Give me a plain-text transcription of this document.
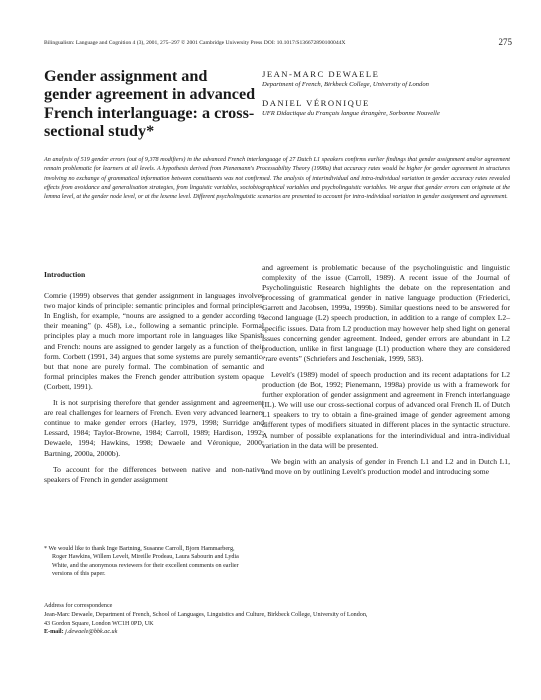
Bilingualism: Language and Cognition 4 (3), 2001, 275–297 © 2001 Cambridge University Press DOI: 10.1017/S136672890100044X	275
Gender assignment and gender agreement in advanced French interlanguage: a cross-sectional study*
JEAN-MARC DEWAELE
Department of French, Birkbeck College, University of London
DANIEL VÉRONIQUE
UFR Didactique du Français langue étrangère, Sorbonne Nouvelle

An analysis of 519 gender errors (out of 9,378 modifiers) in the advanced French interlanguage of 27 Dutch L1 speakers confirms earlier findings that gender assignment and/or agreement remain problematic for learners at all levels. A hypothesis derived from Pienemann's Processability Theory (1998a) that accuracy rates would be higher for gender agreement in structures involving no exchange of grammatical information between constituents was not confirmed. The analysis of interindividual and intra-individual variation in gender accuracy rates revealed effects from avoidance and generalisation strategies, from linguistic variables, sociobiographical variables and psycholinguistic variables. We argue that gender errors can originate at the lemma level, at the gender node level, or at the lexeme level. Different psycholinguistic scenarios are presented to account for intra-individual variation in gender assignment and agreement.

Introduction

Comrie (1999) observes that gender assignment in languages involves two major kinds of principle: semantic principles and formal principles. In English, for example, “nouns are assigned to a gender according to their meaning” (p. 458), i.e., following a semantic principle. Formal principles play a much more important role in languages like Spanish and French: nouns are assigned to gender largely as a function of their form. Corbett (1991, 34) argues that some systems are purely semantic, but that none are purely formal. The combination of semantic and formal principles makes the French gender attribution system opaque (Corbett, 1991).

It is not surprising therefore that gender assignment and agreement are real challenges for learners of French. Even very advanced learners continue to make gender errors (Harley, 1979, 1998; Surridge and Lessard, 1984; Taylor-Browne, 1984; Carroll, 1989; Hardison, 1992; Dewaele, 1994; Hawkins, 1998; Dewaele and Véronique, 2000; Bartning, 2000a, 2000b).

To account for the differences between native and non-native speakers of French in gender assignment

and agreement is problematic because of the psycholinguistic and linguistic complexity of the issue (Carroll, 1989). A recent issue of the Journal of Psycholinguistic Research highlights the debate on the representation and processing of grammatical gender in native language production (Friederici, Garrett and Jacobsen, 1999a, 1999b). Similar questions need to be answered for second language (L2) speech production, in addition to a range of complex L2–specific issues. Data from L2 production may however help shed light on general issues concerning gender agreement. Indeed, gender errors are abundant in L2 production, unlike in first language (L1) production where they are considered “rare events” (Schriefers and Jescheniak, 1999, 583).

Levelt's (1989) model of speech production and its recent adaptations for L2 production (de Bot, 1992; Pienemann, 1998a) provide us with a framework for further exploration of gender assignment and agreement in French interlanguage (IL). We will use our cross-sectional corpus of advanced oral French IL of Dutch L1 speakers to try to obtain a fine-grained image of gender agreement among different types of modifiers situated in different places in the syntactic structure. A number of possible explanations for the interindividual and intra-individual variation in the data will be presented.

We begin with an analysis of gender in French L1 and L2 and in Dutch L1, and move on by outlining Levelt's production model and introducing some

* We would like to thank Inge Bartning, Susanne Carroll, Bjorn Hammarberg, Roger Hawkins, Willem Levelt, Mireille Prodeau, Laura Sabourin and Lydia White, and the anonymous reviewers for their excellent comments on earlier versions of this paper.

Address for correspondence
Jean-Marc Dewaele, Department of French, School of Languages, Linguistics and Culture, Birkbeck College, University of London,
43 Gordon Square, London WC1H 0PD, UK
E-mail: j.dewaele@bbk.ac.uk
